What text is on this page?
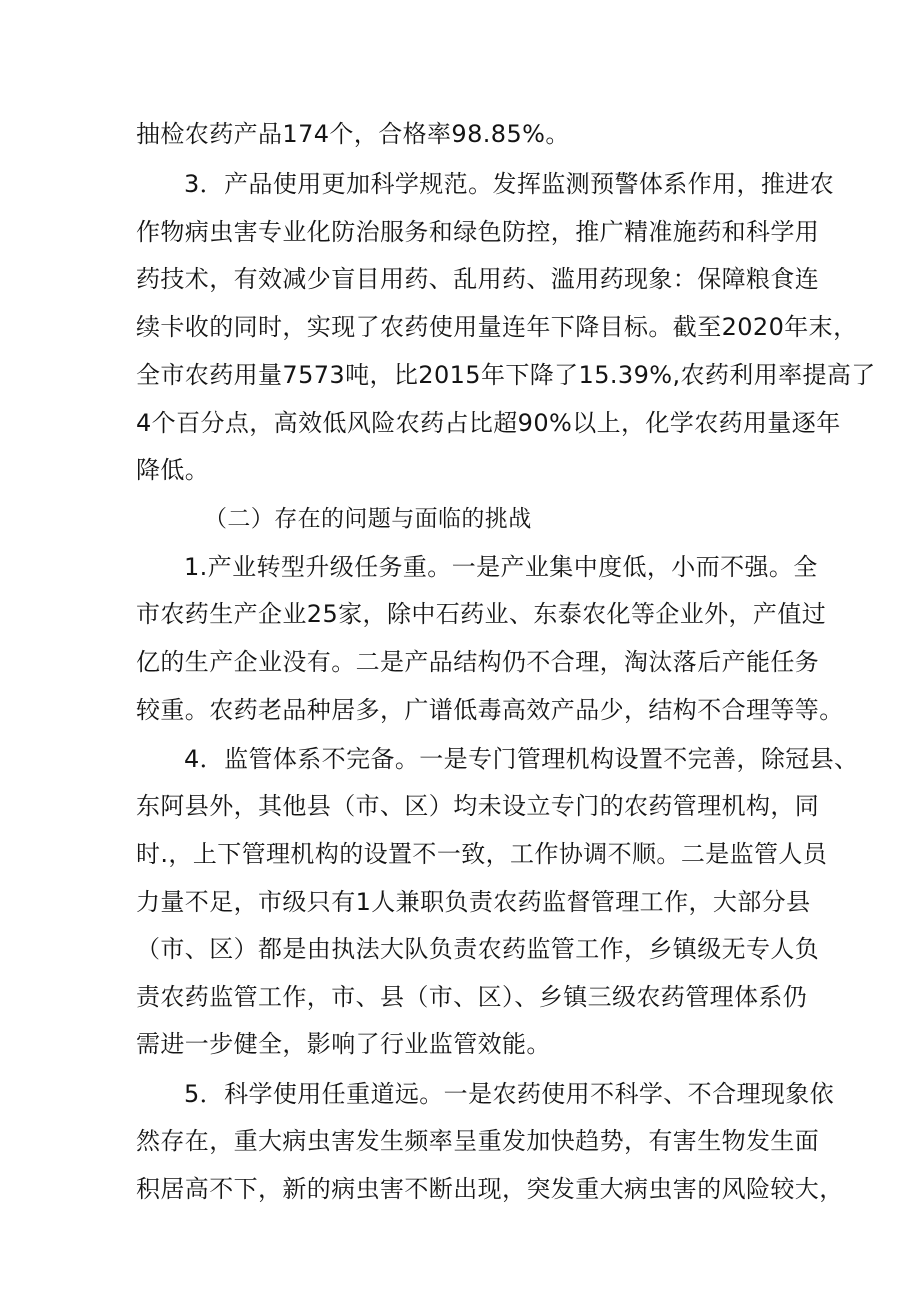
抽检农药产品174个，合格率98.85%。
3．产品使用更加科学规范。发挥监测预警体系作用，推进农
作物病虫害专业化防治服务和绿色防控，推广精准施药和科学用
药技术，有效减少盲目用药、乱用药、滥用药现象：保障粮食连
续卡收的同时，实现了农药使用量连年下降目标。截至2020年末，
全市农药用量7573吨，比2015年下降了15.39%,农药利用率提高了
4个百分点，高效低风险农药占比超90%以上，化学农药用量逐年
降低。
（二）存在的问题与面临的挑战
1.产业转型升级任务重。一是产业集中度低，小而不强。全
市农药生产企业25家，除中石药业、东泰农化等企业外，产值过
亿的生产企业没有。二是产品结构仍不合理，淘汰落后产能任务
较重。农药老品种居多，广谱低毒高效产品少，结构不合理等等。
4．监管体系不完备。一是专门管理机构设置不完善，除冠县、
东阿县外，其他县（市、区）均未设立专门的农药管理机构，同
时.，上下管理机构的设置不一致，工作协调不顺。二是监管人员
力量不足，市级只有1人兼职负责农药监督管理工作，大部分县
（市、区）都是由执法大队负责农药监管工作，乡镇级无专人负
责农药监管工作，市、县（市、区）、乡镇三级农药管理体系仍
需进一步健全，影响了行业监管效能。
5．科学使用任重道远。一是农药使用不科学、不合理现象依
然存在，重大病虫害发生频率呈重发加快趋势，有害生物发生面
积居高不下，新的病虫害不断出现，突发重大病虫害的风险较大，
